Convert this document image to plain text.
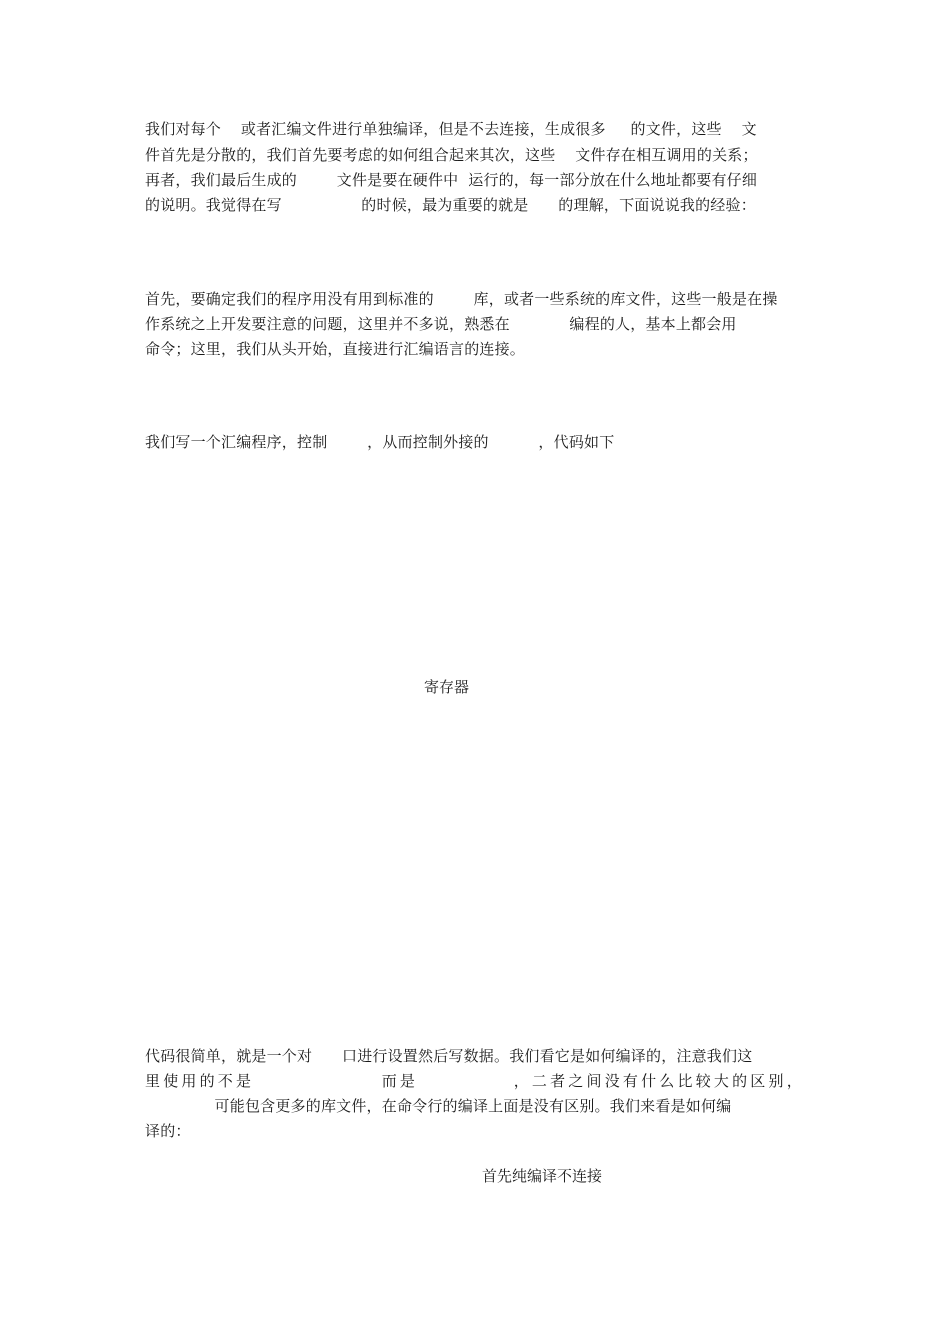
我们对每个    或者汇编文件进行单独编译，但是不去连接，生成很多     的文件，这些    文
件首先是分散的，我们首先要考虑的如何组合起来其次，这些    文件存在相互调用的关系；
再者，我们最后生成的        文件是要在硬件中  运行的，每一部分放在什么地址都要有仔细
的说明。我觉得在写                的时候，最为重要的就是      的理解，下面说说我的经验：
首先，要确定我们的程序用没有用到标准的        库，或者一些系统的库文件，这些一般是在操
作系统之上开发要注意的问题，这里并不多说，熟悉在            编程的人，基本上都会用
命令；这里，我们从头开始，直接进行汇编语言的连接。
我们写一个汇编程序，控制        ，从而控制外接的          ，代码如下
寄存器
代码很简单，就是一个对      口进行设置然后写数据。我们看它是如何编译的，注意我们这
里使用的不是                而是            ，二者之间没有什么比较大的区别，
可能包含更多的库文件，在命令行的编译上面是没有区别。我们来看是如何编
译的：
首先纯编译不连接
